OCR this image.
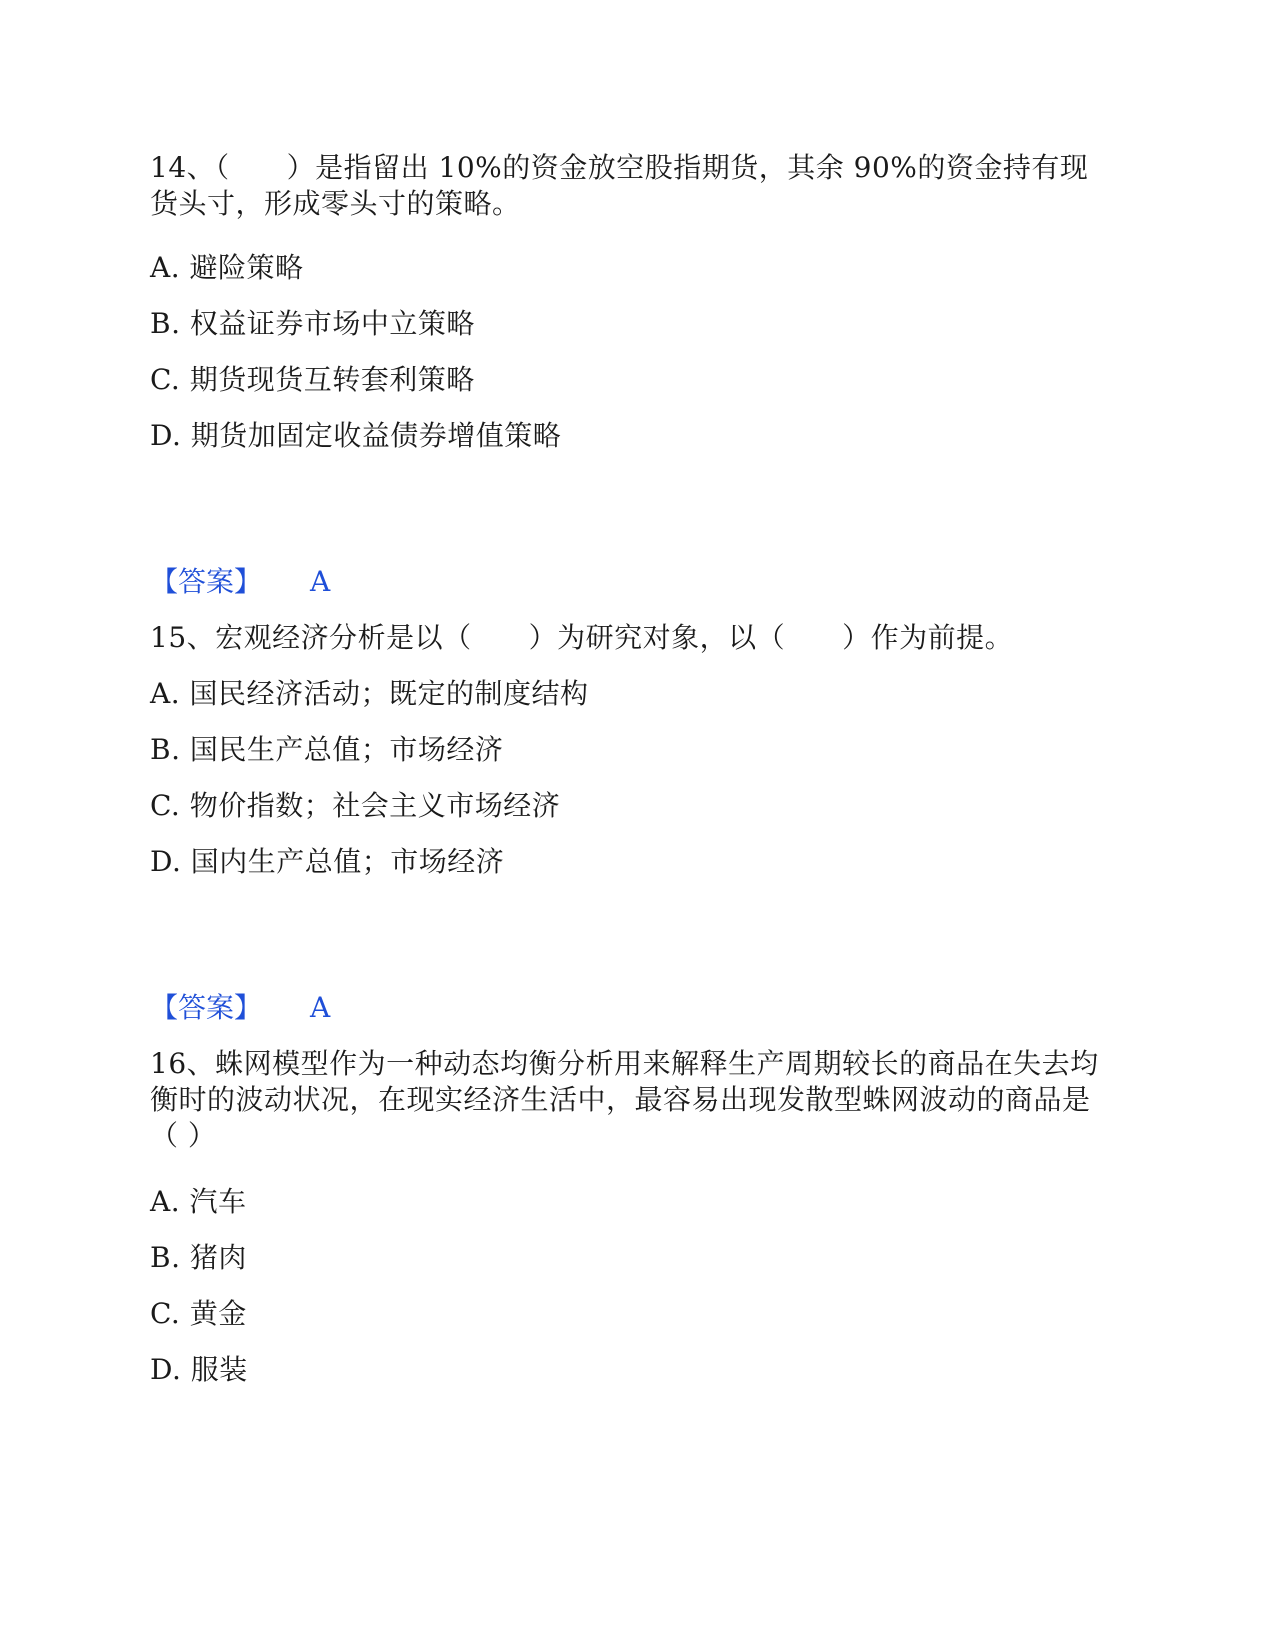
14、（　　）是指留出 10%的资金放空股指期货，其余 90%的资金持有现货头寸，形成零头寸的策略。
A. 避险策略
B. 权益证券市场中立策略
C. 期货现货互转套利策略
D. 期货加固定收益债券增值策略
【答案】 A
15、宏观经济分析是以（　　）为研究对象，以（　　）作为前提。
A. 国民经济活动；既定的制度结构
B. 国民生产总值；市场经济
C. 物价指数；社会主义市场经济
D. 国内生产总值；市场经济
【答案】 A
16、蛛网模型作为一种动态均衡分析用来解释生产周期较长的商品在失去均衡时的波动状况，在现实经济生活中，最容易出现发散型蛛网波动的商品是（ ）
A. 汽车
B. 猪肉
C. 黄金
D. 服装
